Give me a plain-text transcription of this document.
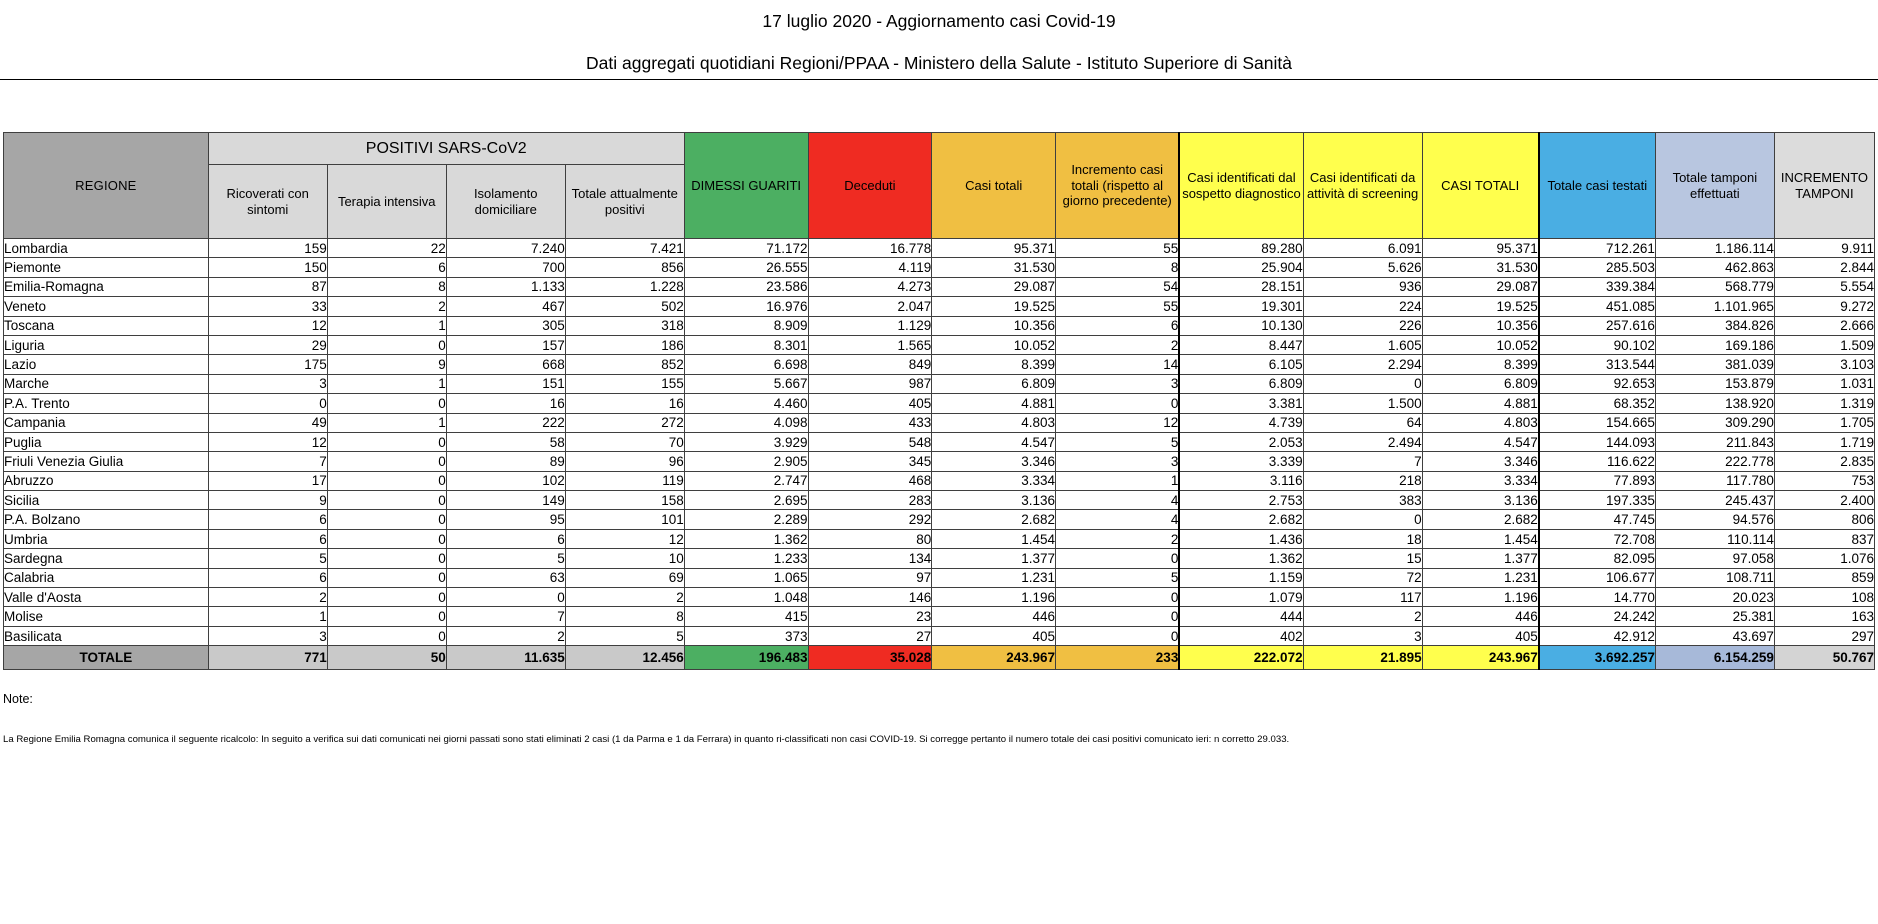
17 luglio 2020 - Aggiornamento casi Covid-19
Dati aggregati quotidiani Regioni/PPAA - Ministero della Salute - Istituto Superiore di Sanità
REGIONE	POSITIVI SARS-CoV2				DIMESSI GUARITI	Deceduti	Casi totali	Incremento casi totali (rispetto al giorno precedente)	Casi identificati dal sospetto diagnostico	Casi identificati da attività di screening	CASI TOTALI	Totale casi testati	Totale tamponi effettuati	INCREMENTO TAMPONI
	Ricoverati con sintomi	Terapia intensiva	Isolamento domiciliare	Totale attualmente positivi										
Lombardia	159	22	7.240	7.421	71.172	16.778	95.371	55	89.280	6.091	95.371	712.261	1.186.114	9.911
Piemonte	150	6	700	856	26.555	4.119	31.530	8	25.904	5.626	31.530	285.503	462.863	2.844
Emilia-Romagna	87	8	1.133	1.228	23.586	4.273	29.087	54	28.151	936	29.087	339.384	568.779	5.554
Veneto	33	2	467	502	16.976	2.047	19.525	55	19.301	224	19.525	451.085	1.101.965	9.272
Toscana	12	1	305	318	8.909	1.129	10.356	6	10.130	226	10.356	257.616	384.826	2.666
Liguria	29	0	157	186	8.301	1.565	10.052	2	8.447	1.605	10.052	90.102	169.186	1.509
Lazio	175	9	668	852	6.698	849	8.399	14	6.105	2.294	8.399	313.544	381.039	3.103
Marche	3	1	151	155	5.667	987	6.809	3	6.809	0	6.809	92.653	153.879	1.031
P.A. Trento	0	0	16	16	4.460	405	4.881	0	3.381	1.500	4.881	68.352	138.920	1.319
Campania	49	1	222	272	4.098	433	4.803	12	4.739	64	4.803	154.665	309.290	1.705
Puglia	12	0	58	70	3.929	548	4.547	5	2.053	2.494	4.547	144.093	211.843	1.719
Friuli Venezia Giulia	7	0	89	96	2.905	345	3.346	3	3.339	7	3.346	116.622	222.778	2.835
Abruzzo	17	0	102	119	2.747	468	3.334	1	3.116	218	3.334	77.893	117.780	753
Sicilia	9	0	149	158	2.695	283	3.136	4	2.753	383	3.136	197.335	245.437	2.400
P.A. Bolzano	6	0	95	101	2.289	292	2.682	4	2.682	0	2.682	47.745	94.576	806
Umbria	6	0	6	12	1.362	80	1.454	2	1.436	18	1.454	72.708	110.114	837
Sardegna	5	0	5	10	1.233	134	1.377	0	1.362	15	1.377	82.095	97.058	1.076
Calabria	6	0	63	69	1.065	97	1.231	5	1.159	72	1.231	106.677	108.711	859
Valle d'Aosta	2	0	0	2	1.048	146	1.196	0	1.079	117	1.196	14.770	20.023	108
Molise	1	0	7	8	415	23	446	0	444	2	446	24.242	25.381	163
Basilicata	3	0	2	5	373	27	405	0	402	3	405	42.912	43.697	297
TOTALE	771	50	11.635	12.456	196.483	35.028	243.967	233	222.072	21.895	243.967	3.692.257	6.154.259	50.767
Note:
La Regione Emilia Romagna comunica il seguente ricalcolo: In seguito a verifica sui dati comunicati nei giorni passati sono stati eliminati 2 casi (1 da Parma e 1 da Ferrara) in quanto ri-classificati non casi COVID-19. Si corregge pertanto il numero totale dei casi positivi comunicato ieri: n corretto 29.033.
